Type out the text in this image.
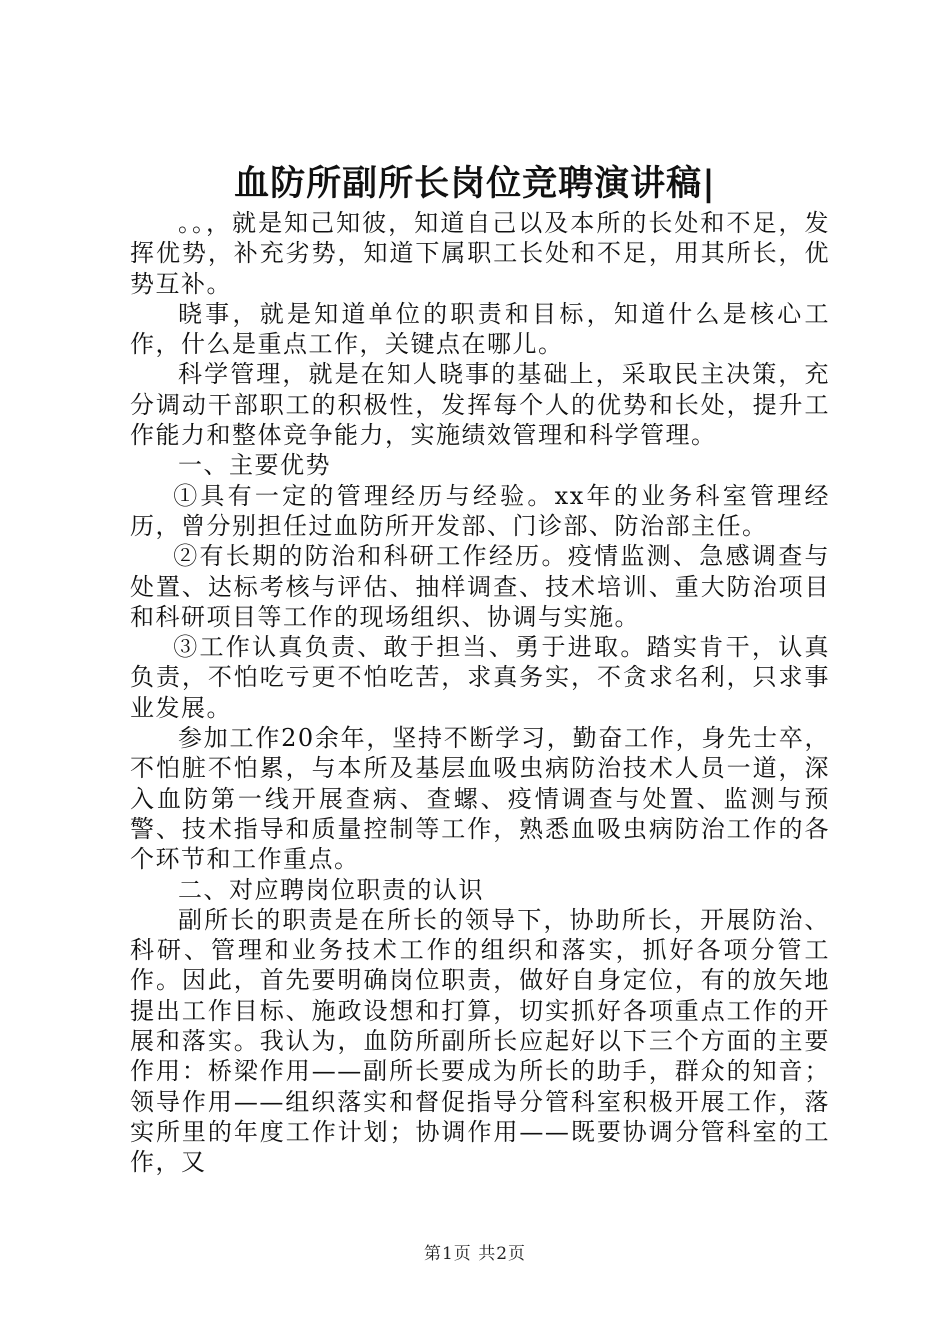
血防所副所长岗位竞聘演讲稿|

。。，就是知己知彼，知道自己以及本所的长处和不足，发挥优势，补充劣势，知道下属职工长处和不足，用其所长，优势互补。

晓事，就是知道单位的职责和目标，知道什么是核心工作，什么是重点工作，关键点在哪儿。

科学管理，就是在知人晓事的基础上，采取民主决策，充分调动干部职工的积极性，发挥每个人的优势和长处，提升工作能力和整体竞争能力，实施绩效管理和科学管理。

一、主要优势

①具有一定的管理经历与经验。xx年的业务科室管理经历，曾分别担任过血防所开发部、门诊部、防治部主任。

②有长期的防治和科研工作经历。疫情监测、急感调查与处置、达标考核与评估、抽样调查、技术培训、重大防治项目和科研项目等工作的现场组织、协调与实施。

③工作认真负责、敢于担当、勇于进取。踏实肯干，认真负责，不怕吃亏更不怕吃苦，求真务实，不贪求名利，只求事业发展。

参加工作20余年，坚持不断学习，勤奋工作，身先士卒，不怕脏不怕累，与本所及基层血吸虫病防治技术人员一道，深入血防第一线开展查病、查螺、疫情调查与处置、监测与预警、技术指导和质量控制等工作，熟悉血吸虫病防治工作的各个环节和工作重点。

二、对应聘岗位职责的认识

副所长的职责是在所长的领导下，协助所长，开展防治、科研、管理和业务技术工作的组织和落实，抓好各项分管工作。因此，首先要明确岗位职责，做好自身定位，有的放矢地提出工作目标、施政设想和打算，切实抓好各项重点工作的开展和落实。我认为，血防所副所长应起好以下三个方面的主要作用：桥梁作用——副所长要成为所长的助手，群众的知音；领导作用——组织落实和督促指导分管科室积极开展工作，落实所里的年度工作计划；协调作用——既要协调分管科室的工作，又

第1页 共2页
